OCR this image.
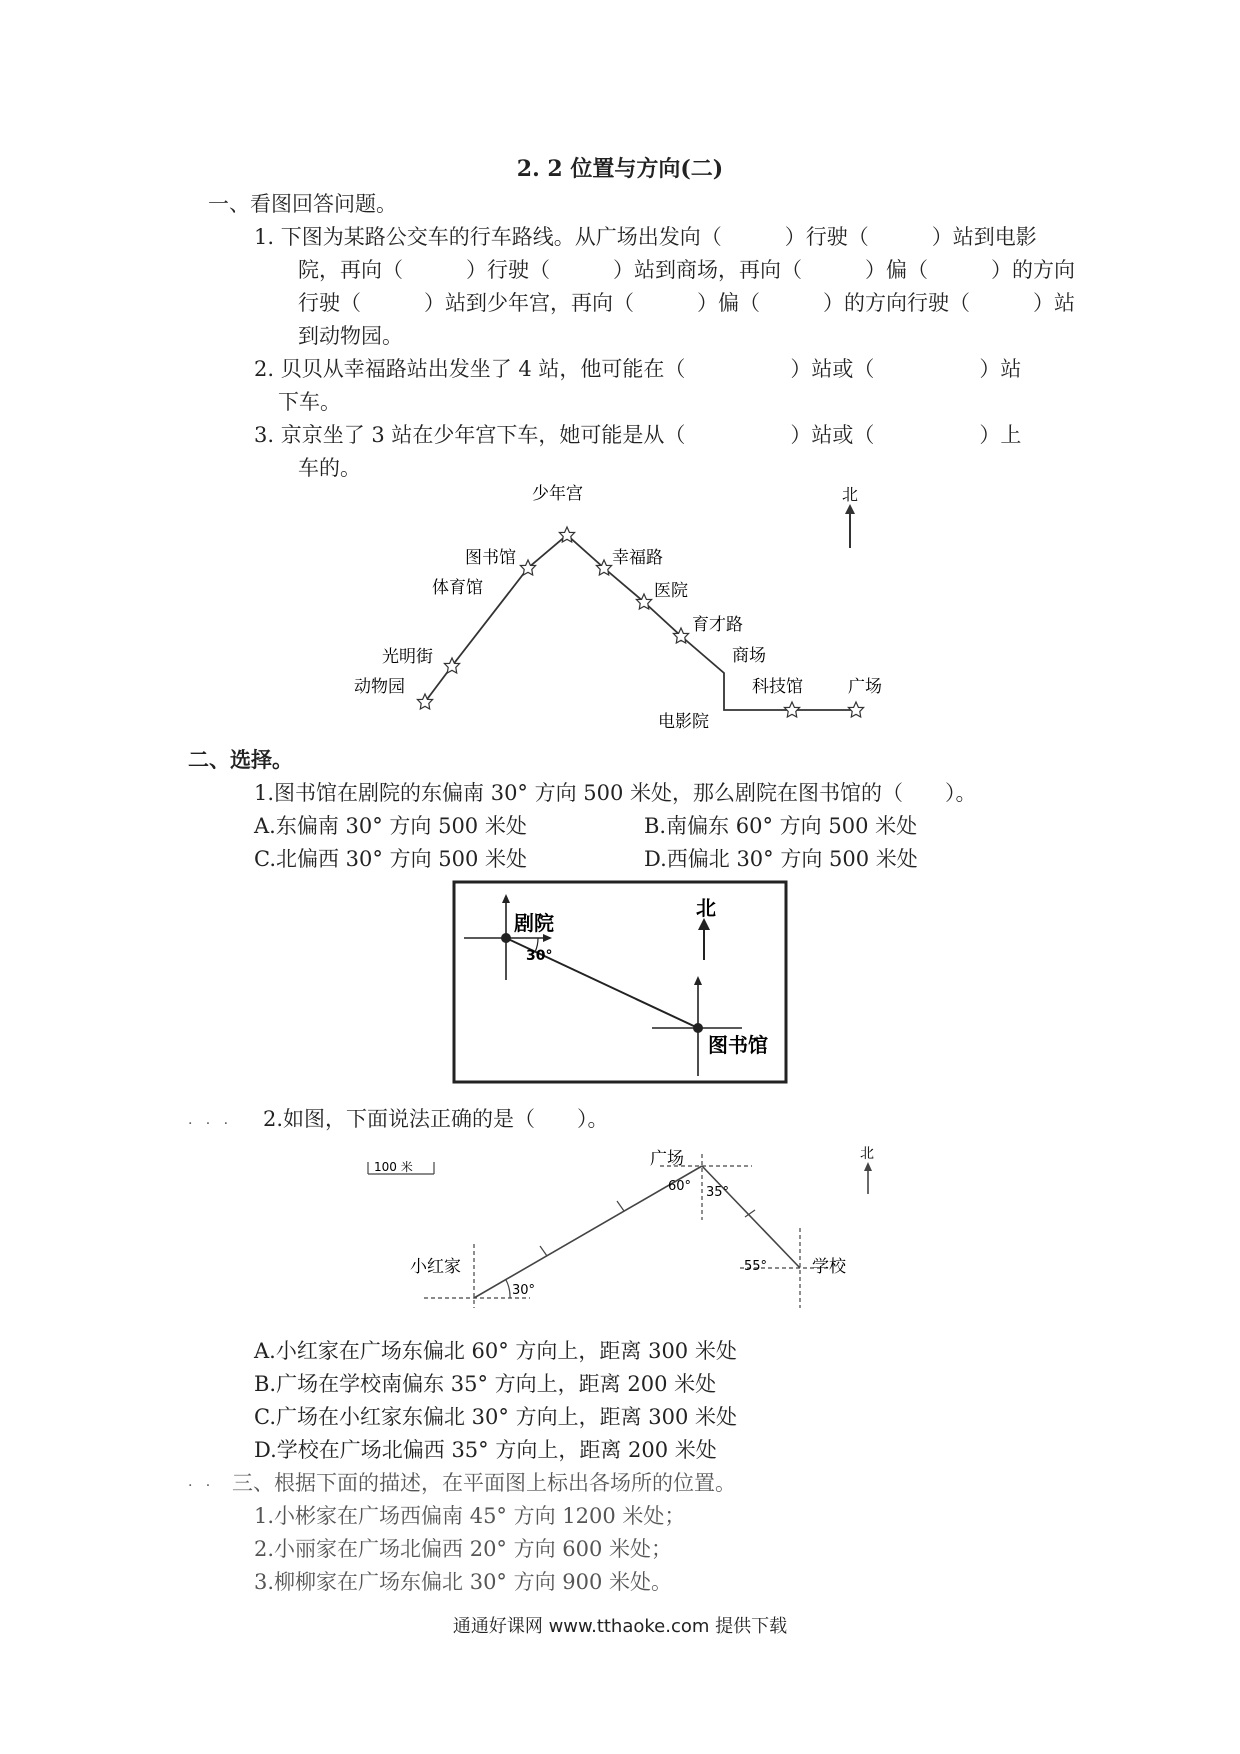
2. 2 位置与方向(二)
一、看图回答问题。
1. 下图为某路公交车的行车路线。从广场出发向（　　　）行驶（　　　）站到电影
院，再向（　　　）行驶（　　　）站到商场，再向（　　　）偏（　　　）的方向
行驶（　　　）站到少年宫，再向（　　　）偏（　　　）的方向行驶（　　　）站
到动物园。
2. 贝贝从幸福路站出发坐了 4 站，他可能在（　　　　　）站或（　　　　　）站
下车。
3. 京京坐了 3 站在少年宫下车，她可能是从（　　　　　）站或（　　　　　）上
车的。
少年宫
图书馆	幸福路
体育馆	医院
育才路
光明街	商场
动物园	科技馆	广场
电影院
北
二、选择。
1.图书馆在剧院的东偏南 30° 方向 500 米处，那么剧院在图书馆的（　　）。
A.东偏南 30° 方向 500 米处	B.南偏东 60° 方向 500 米处
C.北偏西 30° 方向 500 米处	D.西偏北 30° 方向 500 米处
北
剧院
30°
图书馆
.   .   . 2.如图，下面说法正确的是（　　）。
100 米
北
广场
60° 35°
55°	学校
小红家
30°
A.小红家在广场东偏北 60° 方向上，距离 300 米处
B.广场在学校南偏东 35° 方向上，距离 200 米处
C.广场在小红家东偏北 30° 方向上，距离 300 米处
D.学校在广场北偏西 35° 方向上，距离 200 米处
.   . 三、根据下面的描述，在平面图上标出各场所的位置。
1.小彬家在广场西偏南 45° 方向 1200 米处；
2.小丽家在广场北偏西 20° 方向 600 米处；
3.柳柳家在广场东偏北 30° 方向 900 米处。
通通好课网 www.tthaoke.com 提供下载
